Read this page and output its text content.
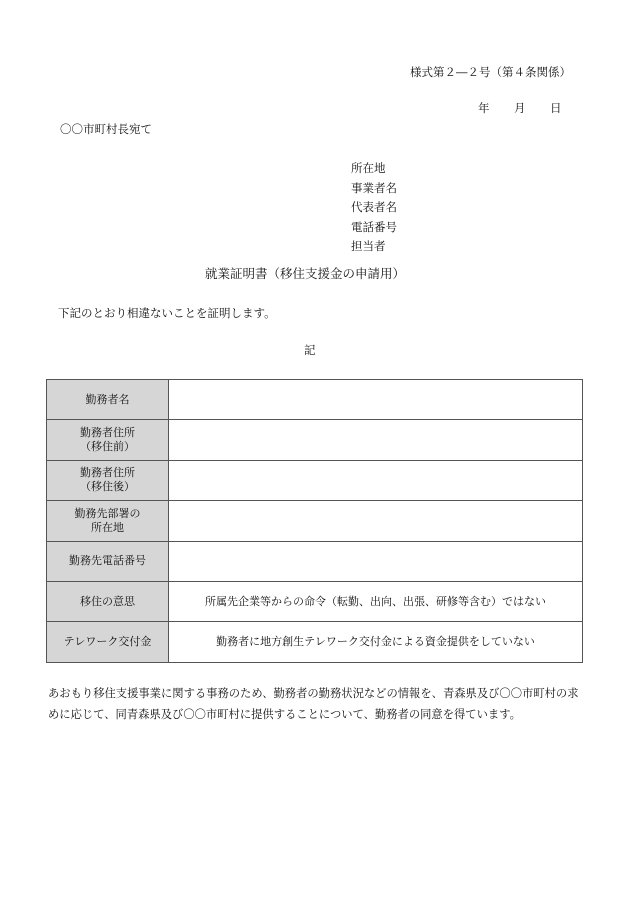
様式第２―２号（第４条関係）
年 月 日
〇〇市町村長宛て
所在地
事業者名
代表者名
電話番号
担当者
就業証明書（移住支援金の申請用）
下記のとおり相違ないことを証明します。
記
勤務者名	

勤務者住所
（移住前）	

勤務者住所
（移住後）	

勤務先部署の
所在地	

勤務先電話番号	

移住の意思	所属先企業等からの命令（転勤、出向、出張、研修等含む）ではない

テレワーク交付金	勤務者に地方創生テレワーク交付金による資金提供をしていない
あおもり移住支援事業に関する事務のため、勤務者の勤務状況などの情報を、青森県及び〇〇市町村の求めに応じて、同青森県及び〇〇市町村に提供することについて、勤務者の同意を得ています。
